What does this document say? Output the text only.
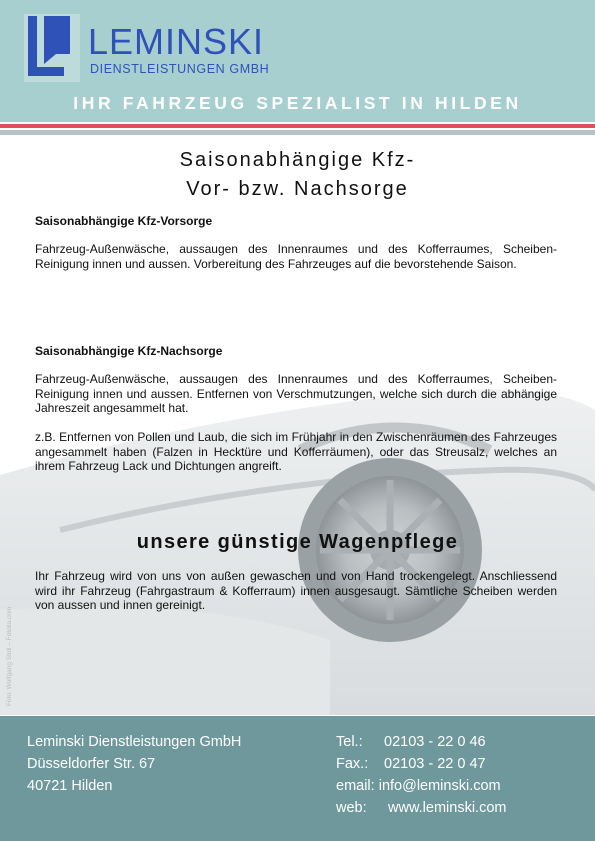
LEMINSKI
DIENSTLEISTUNGEN GMBH
IHR FAHRZEUG SPEZIALIST IN HILDEN
Foto: Wolfgang Stoll – Fotolia.com
Saisonabhängige Kfz-
Vor- bzw. Nachsorge
Saisonabhängige Kfz-Vorsorge
Fahrzeug-Außenwäsche, aussaugen des Innenraumes und des Kofferraumes, Scheiben-Reinigung innen und aussen. Vorbereitung des Fahrzeuges auf die bevorstehende Saison.
Saisonabhängige Kfz-Nachsorge
Fahrzeug-Außenwäsche, aussaugen des Innenraumes und des Kofferraumes, Scheiben-Reinigung innen und aussen. Entfernen von Verschmutzungen, welche sich durch die abhängige Jahreszeit angesammelt hat.
z.B. Entfernen von Pollen und Laub, die sich im Frühjahr in den Zwischenräumen des Fahrzeuges angesammelt haben (Falzen in Hecktüre und Kofferräumen), oder das Streusalz, welches an ihrem Fahrzeug Lack und Dichtungen angreift.
unsere günstige Wagenpflege
Ihr Fahrzeug wird von uns von außen gewaschen und von Hand trockengelegt. Anschliessend wird ihr Fahrzeug (Fahrgastraum & Kofferraum) innen ausgesaugt. Sämtliche Scheiben werden von aussen und innen gereinigt.
Leminski Dienstleistungen GmbH
Düsseldorfer Str. 67
40721 Hilden
Tel.: 02103 - 22 0 46
Fax.: 02103 - 22 0 47
email: info@leminski.com
web: www.leminski.com
